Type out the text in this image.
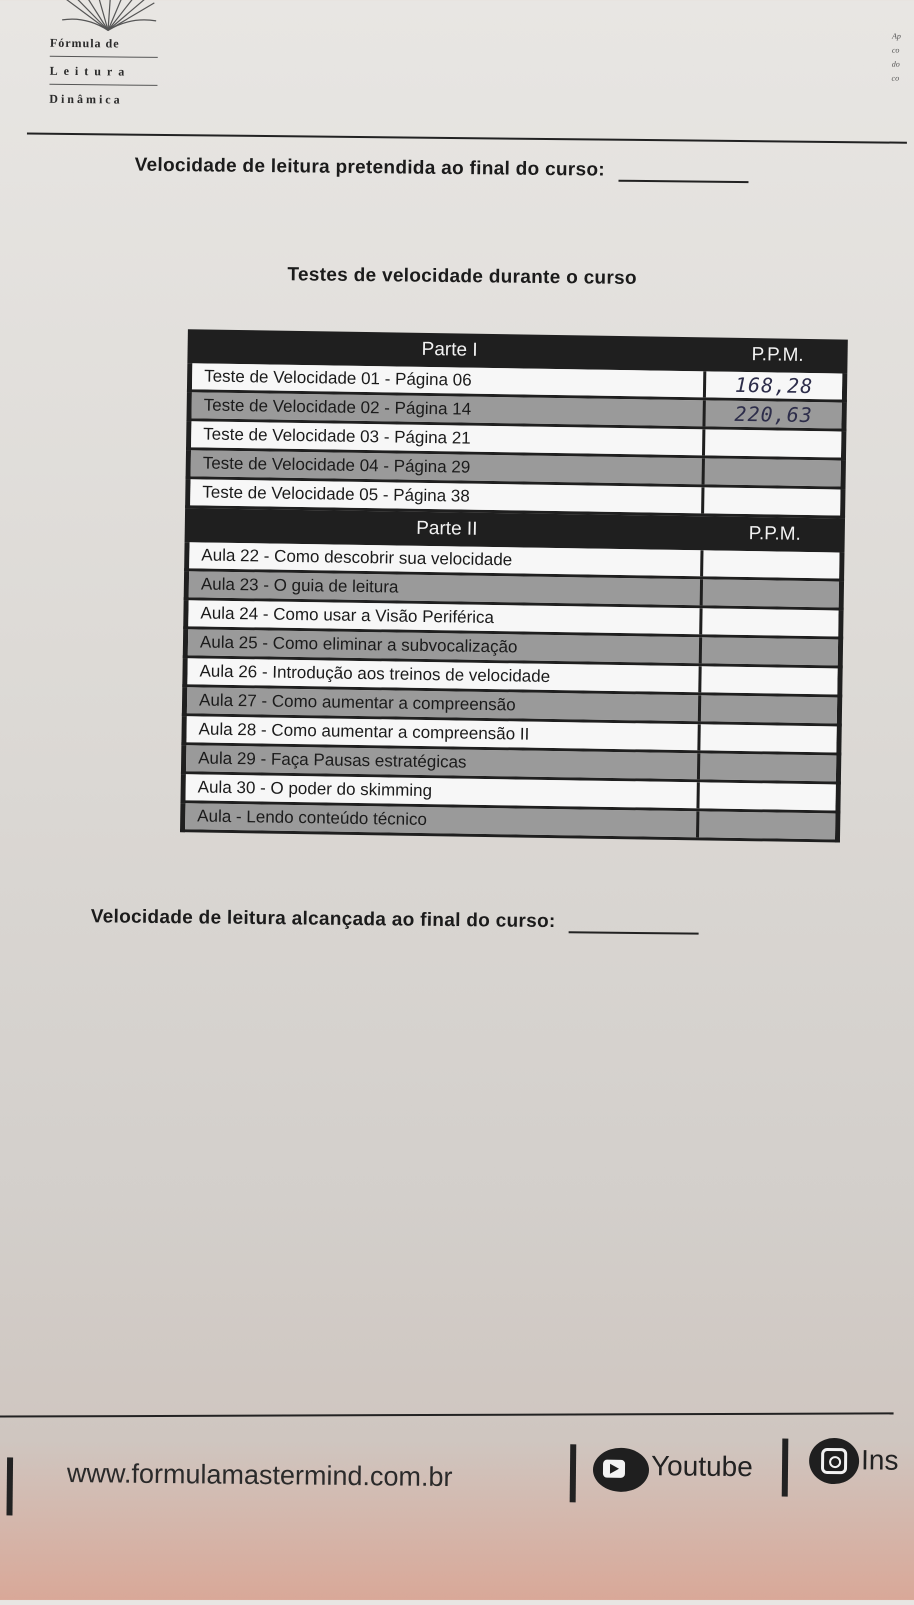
Fórmula de
Leitura
Dinâmica
Ap
co
do
co
Velocidade de leitura pretendida ao final do curso:
Testes de velocidade durante o curso
Parte I	P.P.M.
Teste de Velocidade 01 - Página 06	168,28
Teste de Velocidade 02 - Página 14	220,63
Teste de Velocidade 03 - Página 21
Teste de Velocidade 04 - Página 29
Teste de Velocidade 05 - Página 38
Parte II	P.P.M.
Aula 22 - Como descobrir sua velocidade
Aula 23 - O guia de leitura
Aula 24 - Como usar a Visão Periférica
Aula 25 - Como eliminar a subvocalização
Aula 26 - Introdução aos treinos de velocidade
Aula 27 - Como aumentar a compreensão
Aula 28 - Como aumentar a compreensão II
Aula 29 - Faça Pausas estratégicas
Aula 30 - O poder do skimming
Aula - Lendo conteúdo técnico
Velocidade de leitura alcançada ao final do curso:
www.formulamastermind.com.br	Youtube	Ins
